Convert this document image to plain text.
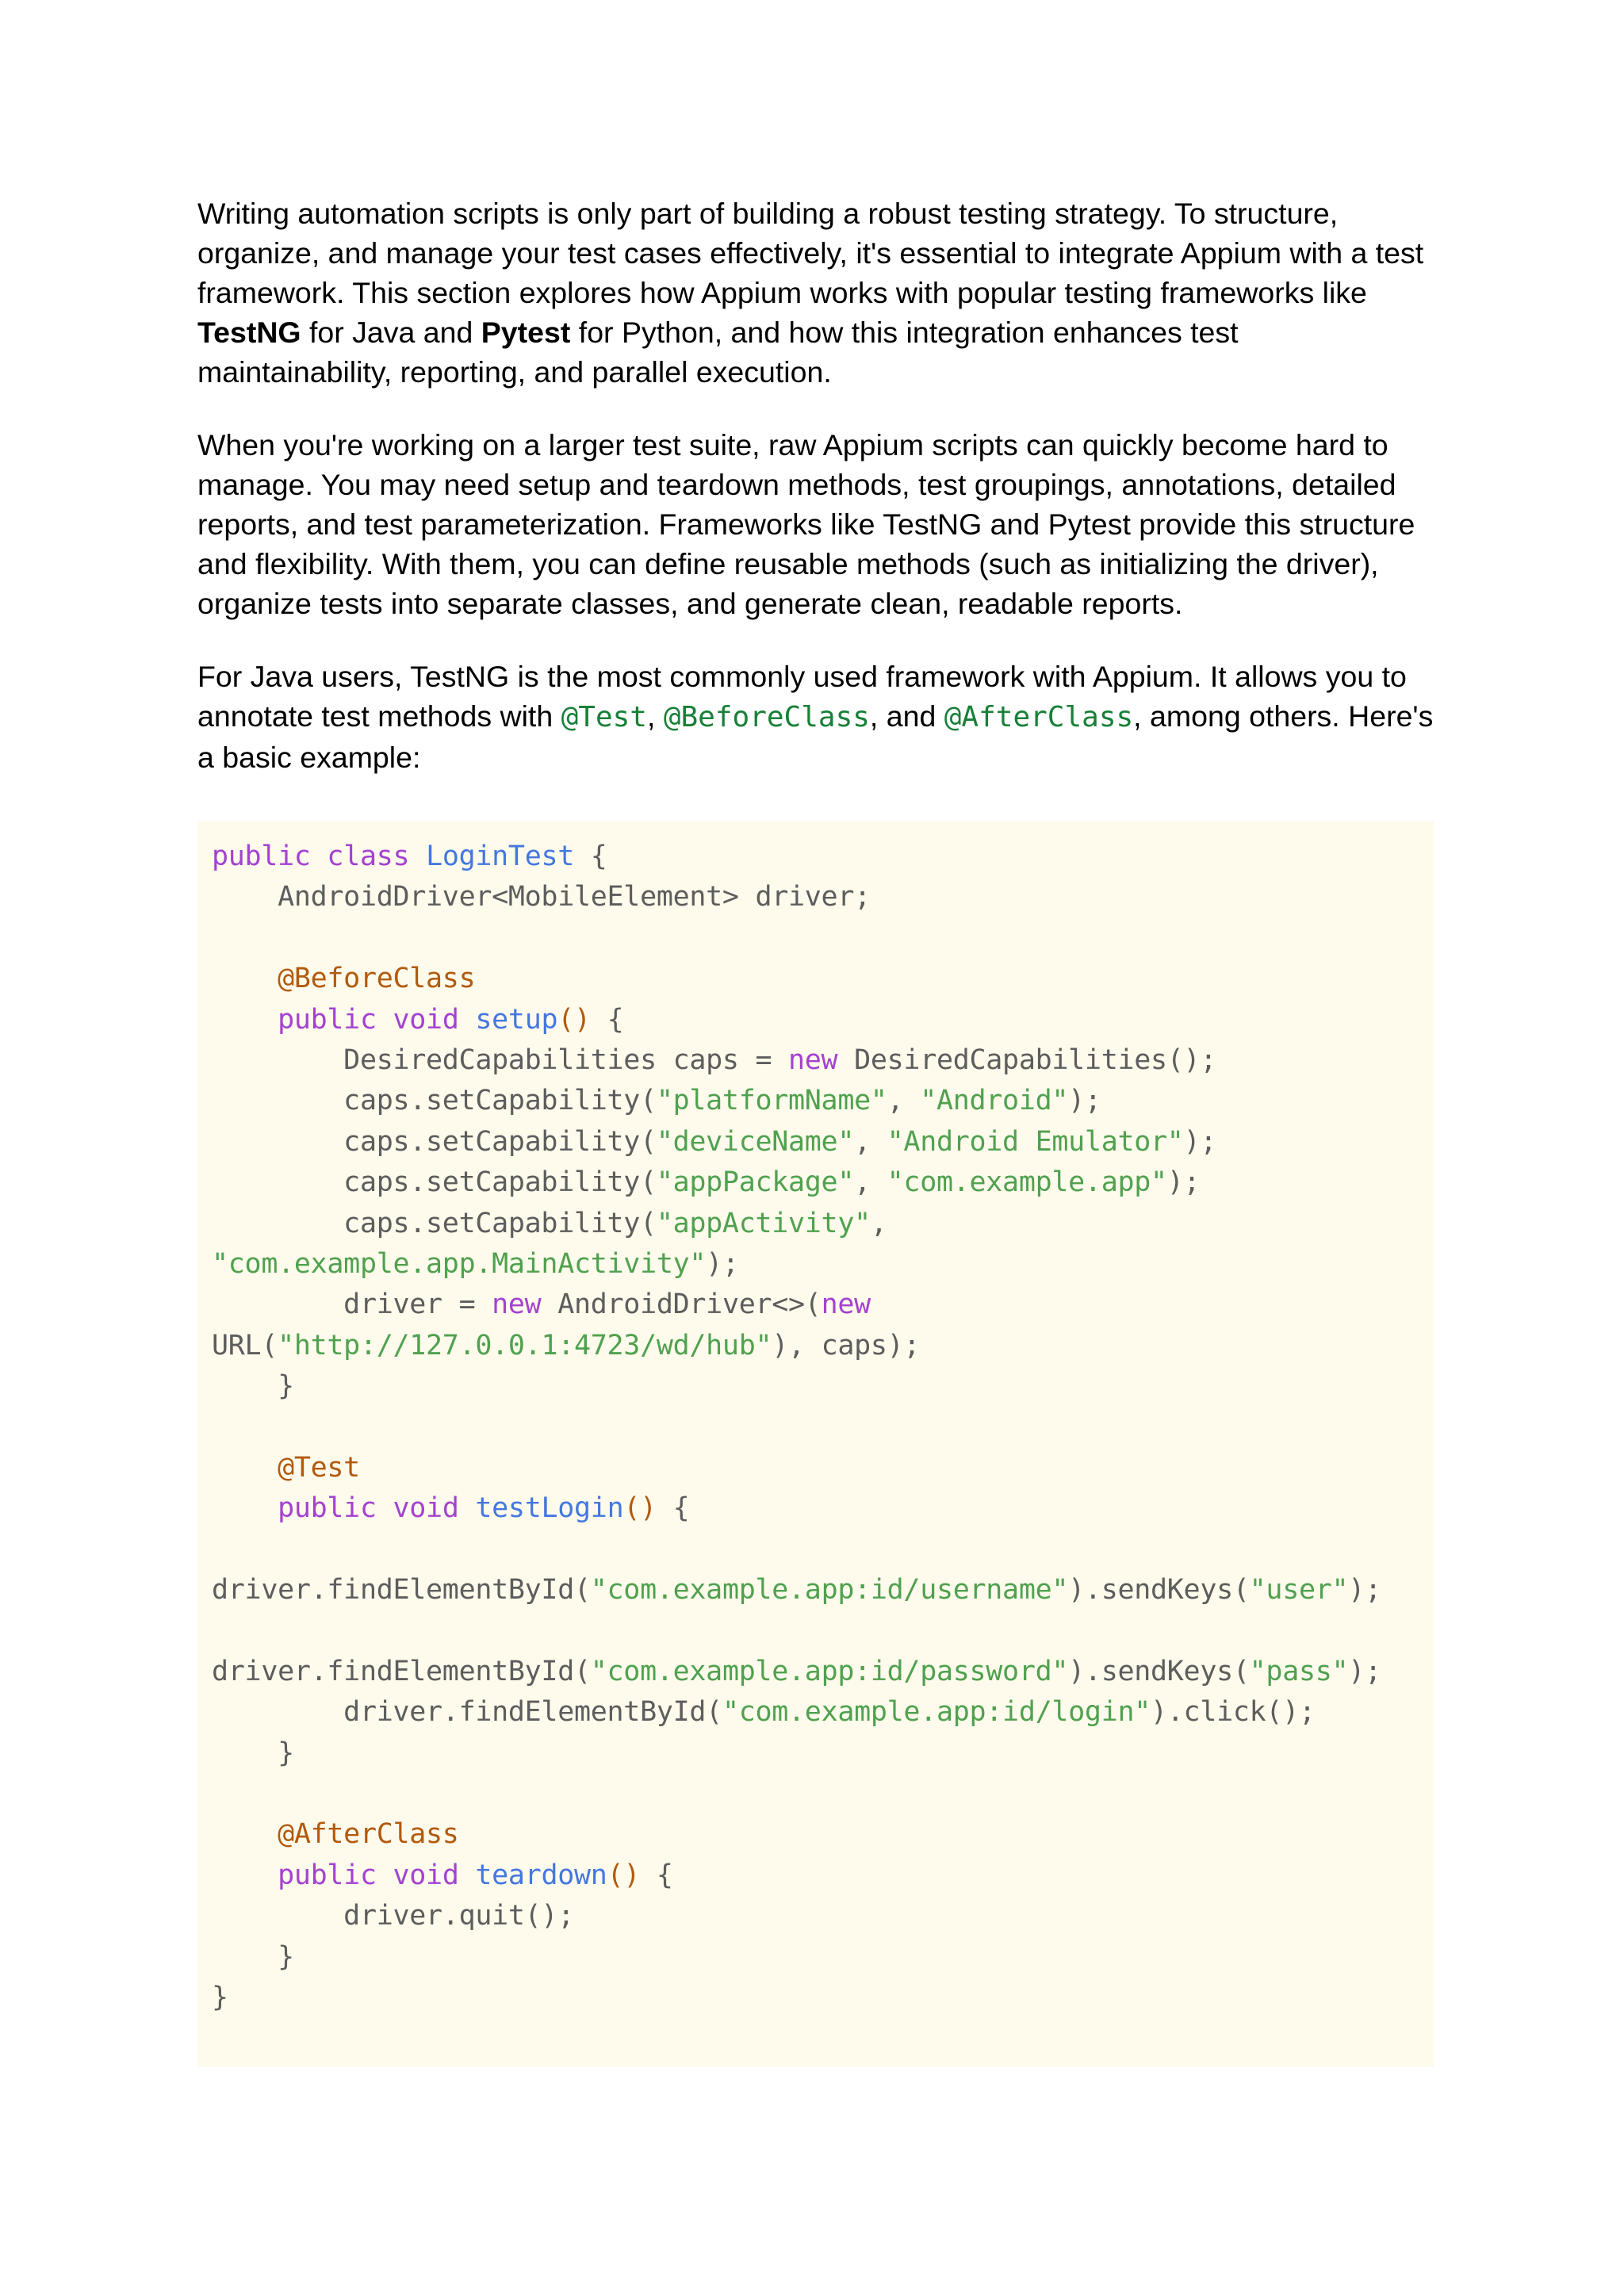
Writing automation scripts is only part of building a robust testing strategy. To structure, organize, and manage your test cases effectively, it's essential to integrate Appium with a test framework. This section explores how Appium works with popular testing frameworks like TestNG for Java and Pytest for Python, and how this integration enhances test maintainability, reporting, and parallel execution.

When you're working on a larger test suite, raw Appium scripts can quickly become hard to manage. You may need setup and teardown methods, test groupings, annotations, detailed reports, and test parameterization. Frameworks like TestNG and Pytest provide this structure and flexibility. With them, you can define reusable methods (such as initializing the driver), organize tests into separate classes, and generate clean, readable reports.

For Java users, TestNG is the most commonly used framework with Appium. It allows you to annotate test methods with @Test, @BeforeClass, and @AfterClass, among others. Here's a basic example:

public class LoginTest {
AndroidDriver<MobileElement> driver;

@BeforeClass
public void setup() {
DesiredCapabilities caps = new DesiredCapabilities();
caps.setCapability("platformName", "Android");
caps.setCapability("deviceName", "Android Emulator");
caps.setCapability("appPackage", "com.example.app");
caps.setCapability("appActivity",
"com.example.app.MainActivity");
driver = new AndroidDriver<>(new
URL("http://127.0.0.1:4723/wd/hub"), caps);
}

@Test
public void testLogin() {

driver.findElementById("com.example.app:id/username").sendKeys("user");

driver.findElementById("com.example.app:id/password").sendKeys("pass");
driver.findElementById("com.example.app:id/login").click();
}

@AfterClass
public void teardown() {
driver.quit();
}
}
